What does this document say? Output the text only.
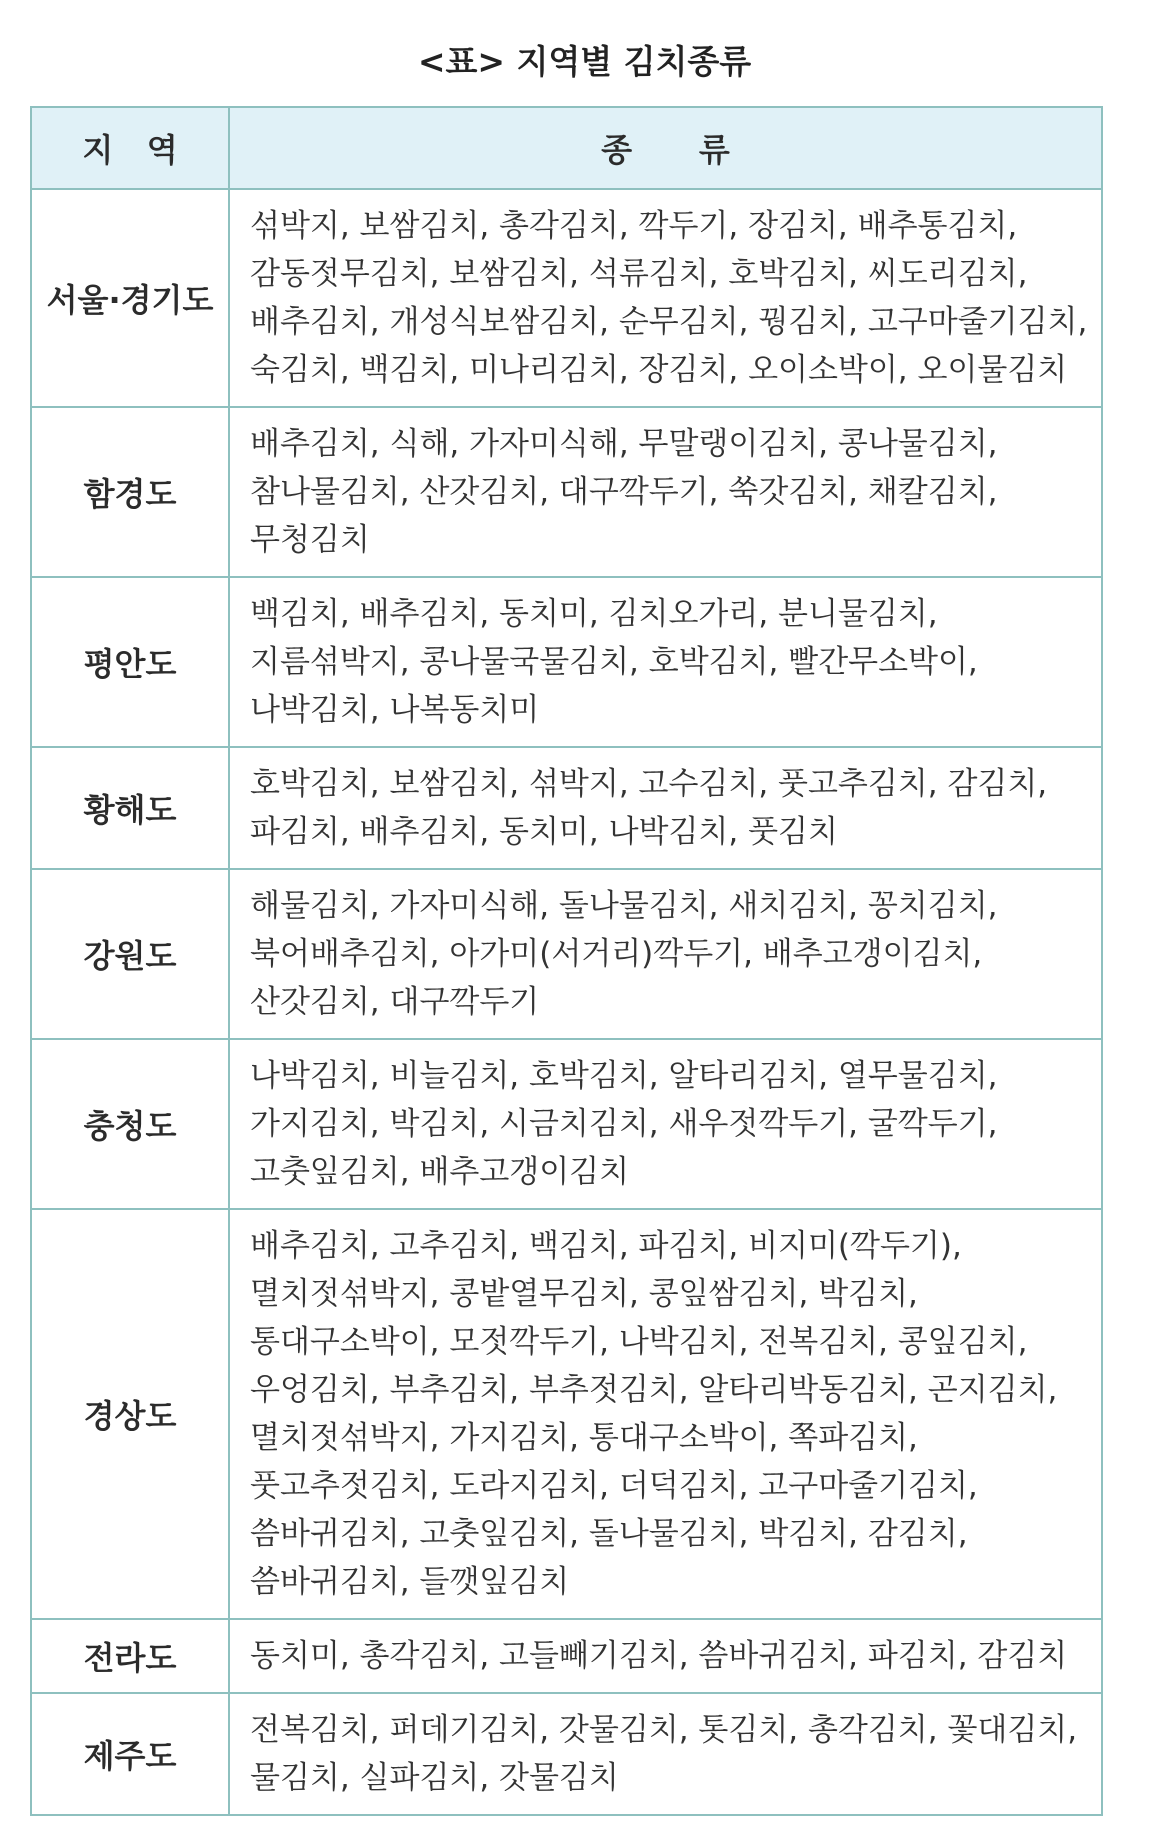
<표> 지역별 김치종류
지   역	종      류
서울·경기도	섞박지, 보쌈김치, 총각김치, 깍두기, 장김치, 배추통김치, 감동젓무김치, 보쌈김치, 석류김치, 호박김치, 씨도리김치, 배추김치, 개성식보쌈김치, 순무김치, 꿩김치, 고구마줄기김치, 숙김치, 백김치, 미나리김치, 장김치, 오이소박이, 오이물김치
함경도	배추김치, 식해, 가자미식해, 무말랭이김치, 콩나물김치, 참나물김치, 산갓김치, 대구깍두기, 쑥갓김치, 채칼김치, 무청김치
평안도	백김치, 배추김치, 동치미, 김치오가리, 분니물김치, 지름섞박지, 콩나물국물김치, 호박김치, 빨간무소박이, 나박김치, 나복동치미
황해도	호박김치, 보쌈김치, 섞박지, 고수김치, 풋고추김치, 감김치, 파김치, 배추김치, 동치미, 나박김치, 풋김치
강원도	해물김치, 가자미식해, 돌나물김치, 새치김치, 꽁치김치, 북어배추김치, 아가미(서거리)깍두기, 배추고갱이김치, 산갓김치, 대구깍두기
충청도	나박김치, 비늘김치, 호박김치, 알타리김치, 열무물김치, 가지김치, 박김치, 시금치김치, 새우젓깍두기, 굴깍두기, 고춧잎김치, 배추고갱이김치
경상도	배추김치, 고추김치, 백김치, 파김치, 비지미(깍두기), 멸치젓섞박지, 콩밭열무김치, 콩잎쌈김치, 박김치, 통대구소박이, 모젓깍두기, 나박김치, 전복김치, 콩잎김치, 우엉김치, 부추김치, 부추젓김치, 알타리박동김치, 곤지김치, 멸치젓섞박지, 가지김치, 통대구소박이, 쪽파김치, 풋고추젓김치, 도라지김치, 더덕김치, 고구마줄기김치, 씀바귀김치, 고춧잎김치, 돌나물김치, 박김치, 감김치, 씀바귀김치, 들깻잎김치
전라도	동치미, 총각김치, 고들빼기김치, 씀바귀김치, 파김치, 감김치
제주도	전복김치, 퍼데기김치, 갓물김치, 톳김치, 총각김치, 꽃대김치, 물김치, 실파김치, 갓물김치
